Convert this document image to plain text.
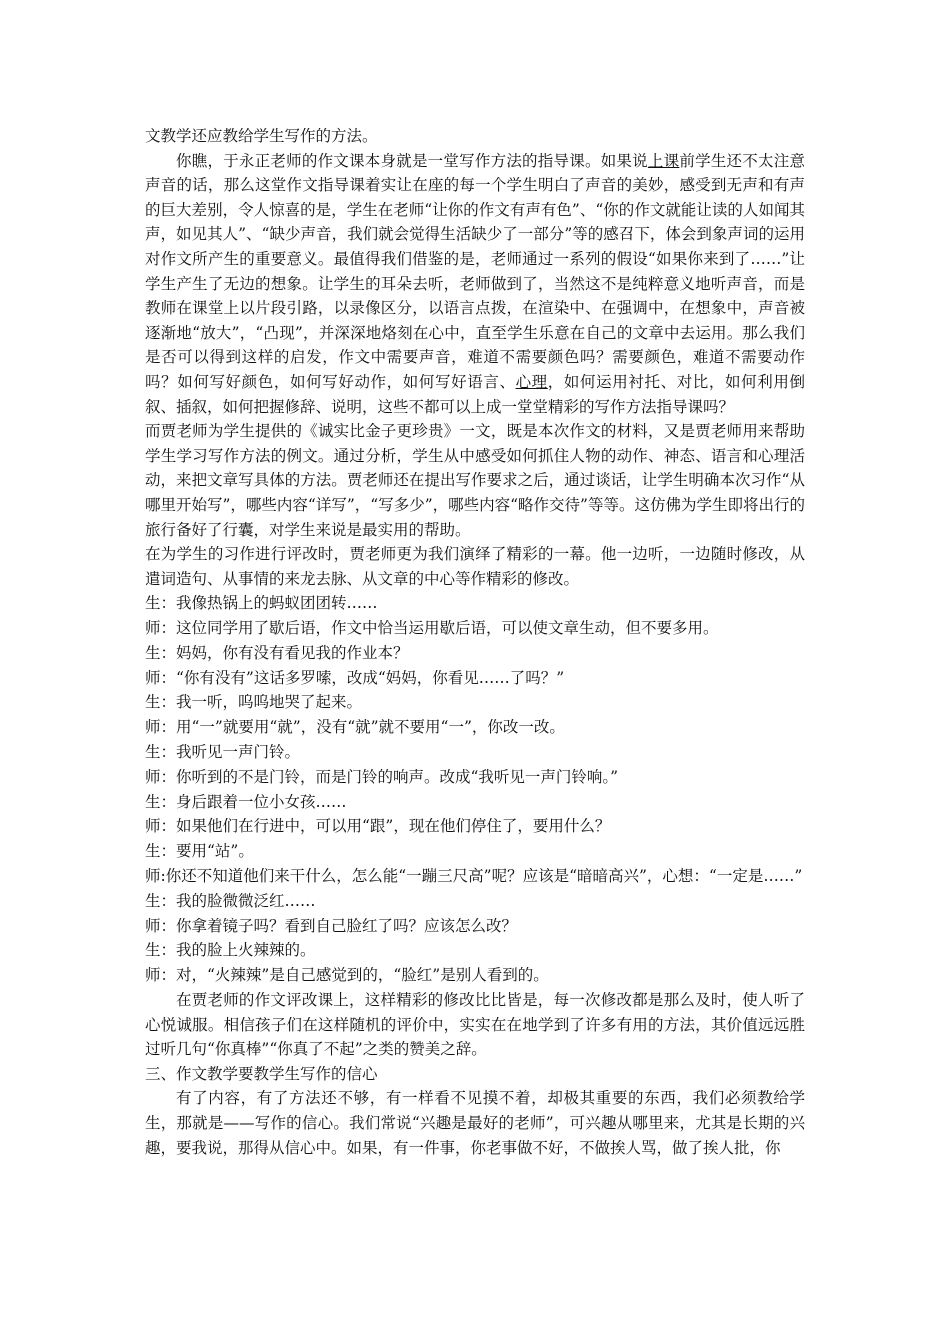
文教学还应教给学生写作的方法。

你瞧，于永正老师的作文课本身就是一堂写作方法的指导课。如果说上课前学生还不太注意声音的话，那么这堂作文指导课着实让在座的每一个学生明白了声音的美妙，感受到无声和有声的巨大差别，令人惊喜的是，学生在老师“让你的作文有声有色”、“你的作文就能让读的人如闻其声，如见其人”、“缺少声音，我们就会觉得生活缺少了一部分”等的感召下，体会到象声词的运用对作文所产生的重要意义。最值得我们借鉴的是，老师通过一系列的假设“如果你来到了……”让学生产生了无边的想象。让学生的耳朵去听，老师做到了，当然这不是纯粹意义地听声音，而是教师在课堂上以片段引路，以录像区分，以语言点拨，在渲染中、在强调中，在想象中，声音被逐渐地“放大”，“凸现”，并深深地烙刻在心中，直至学生乐意在自己的文章中去运用。那么我们是否可以得到这样的启发，作文中需要声音，难道不需要颜色吗？需要颜色，难道不需要动作吗？如何写好颜色，如何写好动作，如何写好语言、心理，如何运用衬托、对比，如何利用倒叙、插叙，如何把握修辞、说明，这些不都可以上成一堂堂精彩的写作方法指导课吗？

而贾老师为学生提供的《诚实比金子更珍贵》一文，既是本次作文的材料，又是贾老师用来帮助学生学习写作方法的例文。通过分析，学生从中感受如何抓住人物的动作、神态、语言和心理活动，来把文章写具体的方法。贾老师还在提出写作要求之后，通过谈话，让学生明确本次习作“从哪里开始写”，哪些内容“详写”，“写多少”，哪些内容“略作交待”等等。这仿佛为学生即将出行的旅行备好了行囊，对学生来说是最实用的帮助。

在为学生的习作进行评改时，贾老师更为我们演绎了精彩的一幕。他一边听，一边随时修改，从遣词造句、从事情的来龙去脉、从文章的中心等作精彩的修改。

生：我像热锅上的蚂蚁团团转……

师：这位同学用了歇后语，作文中恰当运用歇后语，可以使文章生动，但不要多用。

生：妈妈，你有没有看见我的作业本？

师：“你有没有”这话多罗嗦，改成“妈妈，你看见……了吗？”

生：我一听，呜呜地哭了起来。

师：用“一”就要用“就”，没有“就”就不要用“一”，你改一改。

生：我听见一声门铃。

师：你听到的不是门铃，而是门铃的响声。改成“我听见一声门铃响。”

生：身后跟着一位小女孩……

师：如果他们在行进中，可以用“跟”，现在他们停住了，要用什么？

生：要用“站”。

师:你还不知道他们来干什么，怎么能“一蹦三尺高”呢？应该是“暗暗高兴”，心想：“一定是……”

生：我的脸微微泛红……

师：你拿着镜子吗？看到自己脸红了吗？应该怎么改？

生：我的脸上火辣辣的。

师：对，“火辣辣”是自己感觉到的，“脸红”是别人看到的。

在贾老师的作文评改课上，这样精彩的修改比比皆是，每一次修改都是那么及时，使人听了心悦诚服。相信孩子们在这样随机的评价中，实实在在地学到了许多有用的方法，其价值远远胜过听几句“你真棒”“你真了不起”之类的赞美之辞。

三、作文教学要教学生写作的信心

有了内容，有了方法还不够，有一样看不见摸不着，却极其重要的东西，我们必须教给学生，那就是——写作的信心。我们常说“兴趣是最好的老师”，可兴趣从哪里来，尤其是长期的兴趣，要我说，那得从信心中。如果，有一件事，你老事做不好，不做挨人骂，做了挨人批，你
